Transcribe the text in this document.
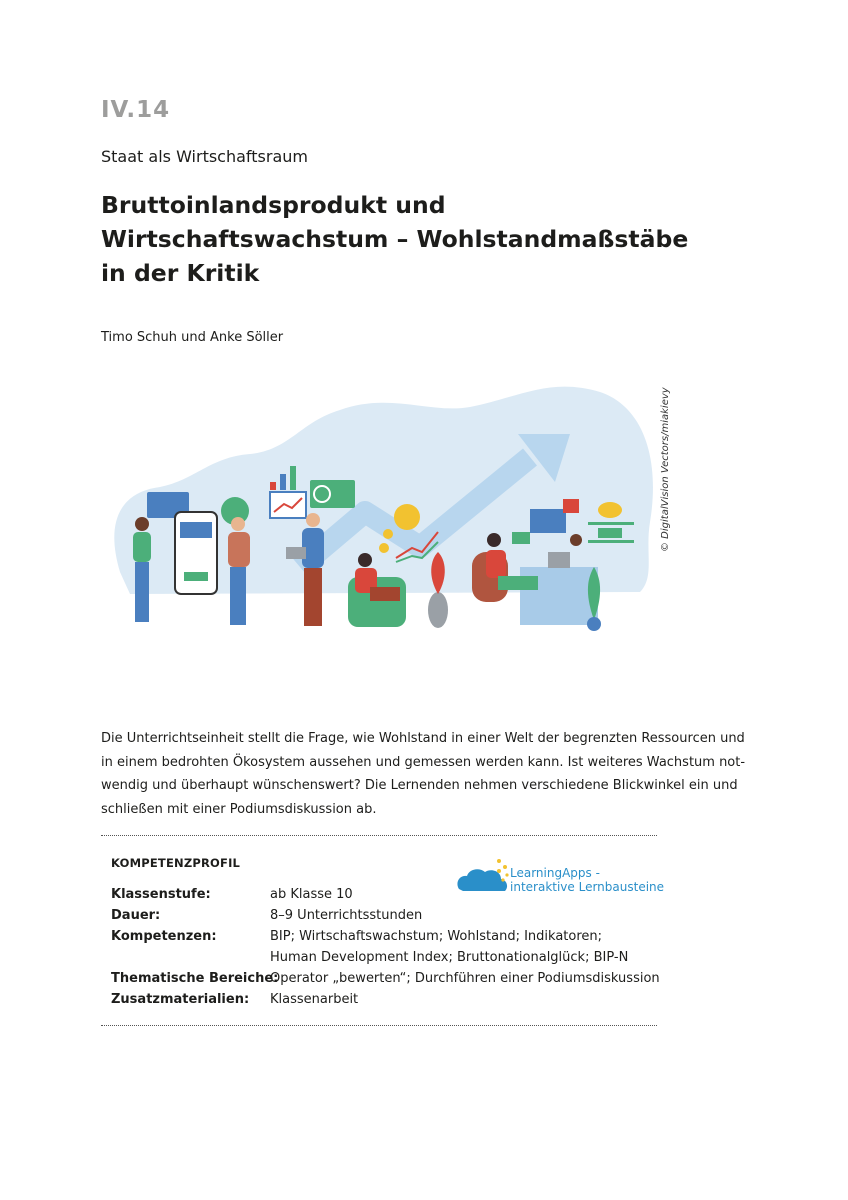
IV.14
Staat als Wirtschaftsraum
Bruttoinlandsprodukt und
Wirtschaftswachstum – Wohlstandmaßstäbe
in der Kritik
Timo Schuh und Anke Söller
© DigitalVision Vectors/miakievy
Die Unterrichtseinheit stellt die Frage, wie Wohlstand in einer Welt der begrenzten Ressourcen und
in einem bedrohten Ökosystem aussehen und gemessen werden kann. Ist weiteres Wachstum not-
wendig und überhaupt wünschenswert? Die Lernenden nehmen verschiedene Blickwinkel ein und
schließen mit einer Podiumsdiskussion ab.
KOMPETENZPROFIL
LearningApps -
interaktive Lernbausteine
Klassenstufe:	ab Klasse 10
Dauer:	8–9 Unterrichtsstunden
Kompetenzen:	BIP; Wirtschaftswachstum; Wohlstand; Indikatoren;
Human Development Index; Bruttonationalglück; BIP-N
Thematische Bereiche:
Operator „bewerten“; Durchführen einer Podiumsdiskussion
Zusatzmaterialien: Klassenarbeit
